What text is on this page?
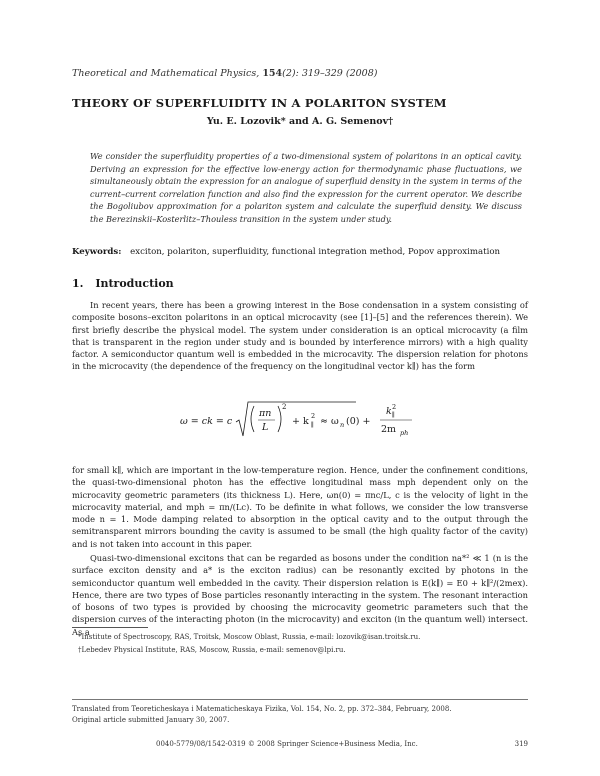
Theoretical and Mathematical Physics, 154(2): 319–329 (2008)
THEORY OF SUPERFLUIDITY IN A POLARITON SYSTEM
Yu. E. Lozovik* and A. G. Semenov†
We consider the superfluidity properties of a two-dimensional system of polaritons in an optical cavity. Deriving an expression for the effective low-energy action for thermodynamic phase fluctuations, we simultaneously obtain the expression for an analogue of superfluid density in the system in terms of the current–current correlation function and also find the expression for the current operator. We describe the Bogoliubov approximation for a polariton system and calculate the superfluid density. We discuss the Berezinskii–Kosterlitz–Thouless transition in the system under study.
Keywords: exciton, polariton, superfluidity, functional integration method, Popov approximation
1. Introduction
In recent years, there has been a growing interest in the Bose condensation in a system consisting of composite bosons–exciton polaritons in an optical microcavity (see [1]–[5] and the references therein). We first briefly describe the physical model. The system under consideration is an optical microcavity (a film that is transparent in the region under study and is bounded by interference mirrors) with a high quality factor. A semiconductor quantum well is embedded in the microcavity. The dispersion relation for photons in the microcavity (the dependence of the frequency on the longitudinal vector k∥) has the form
ω = ck = c
πn
L
2
+ k ∥
2 ≈ ω n (0) +
k ∥
2
2m ph
for small k∥, which are important in the low-temperature region. Hence, under the confinement conditions, the quasi-two-dimensional photon has the effective longitudinal mass mph dependent only on the microcavity geometric parameters (its thickness L). Here, ωn(0) = πnc/L, c is the velocity of light in the microcavity material, and mph = πn/(Lc). To be definite in what follows, we consider the low transverse mode n = 1. Mode damping related to absorption in the optical cavity and to the output through the semitransparent mirrors bounding the cavity is assumed to be small (the high quality factor of the cavity) and is not taken into account in this paper.
Quasi-two-dimensional excitons that can be regarded as bosons under the condition na*² ≪ 1 (n is the surface exciton density and a* is the exciton radius) can be resonantly excited by photons in the semiconductor quantum well embedded in the cavity. Their dispersion relation is E(k∥) = E0 + k∥²/(2mex). Hence, there are two types of Bose particles resonantly interacting in the system. The resonant interaction of bosons of two types is provided by choosing the microcavity geometric parameters such that the dispersion curves of the interacting photon (in the microcavity) and exciton (in the quantum well) intersect. As a
*Institute of Spectroscopy, RAS, Troitsk, Moscow Oblast, Russia, e-mail: lozovik@isan.troitsk.ru.
†Lebedev Physical Institute, RAS, Moscow, Russia, e-mail: semenov@lpi.ru.
Translated from Teoreticheskaya i Matematicheskaya Fizika, Vol. 154, No. 2, pp. 372–384, February, 2008.
Original article submitted January 30, 2007.
0040-5779/08/1542-0319 © 2008 Springer Science+Business Media, Inc.	319
